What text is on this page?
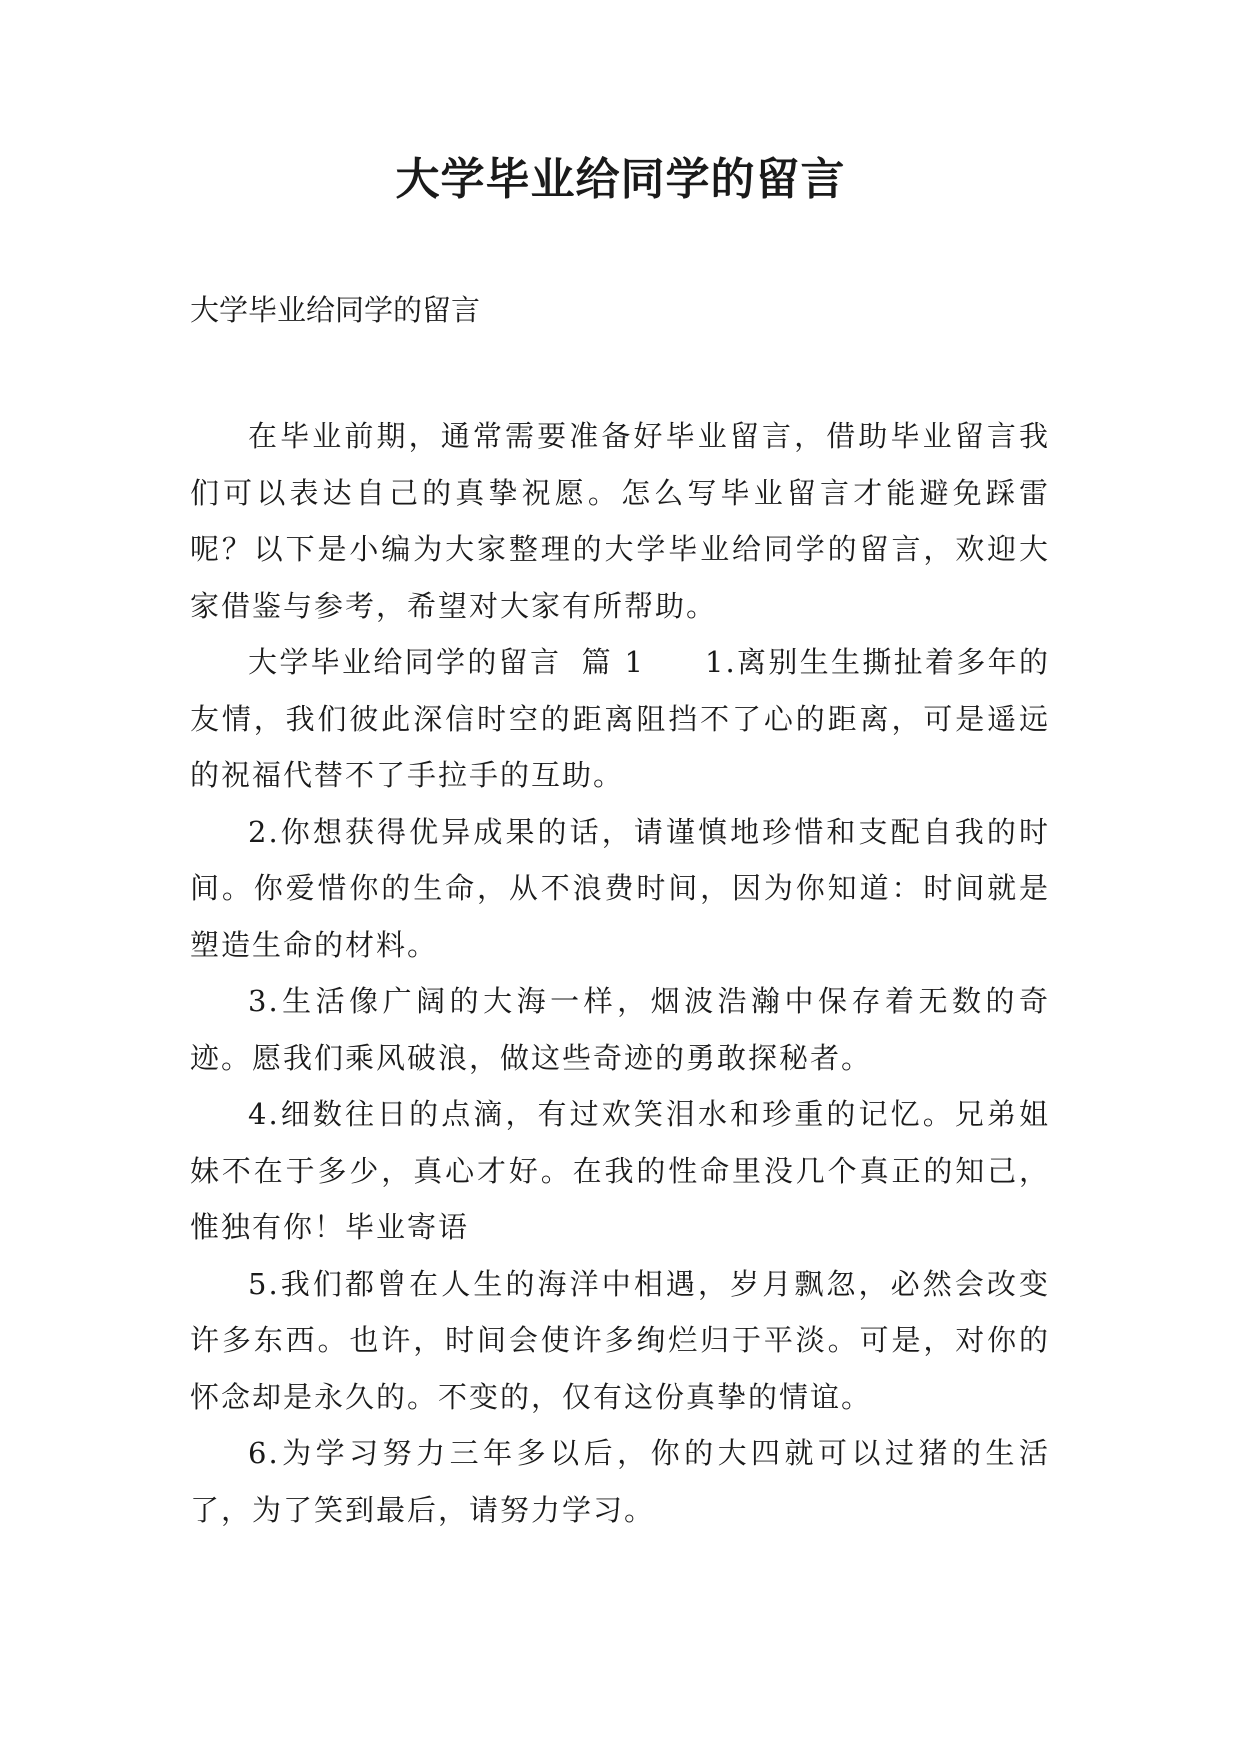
大学毕业给同学的留言

大学毕业给同学的留言

在毕业前期，通常需要准备好毕业留言，借助毕业留言我们可以表达自己的真挚祝愿。怎么写毕业留言才能避免踩雷呢？以下是小编为大家整理的大学毕业给同学的留言，欢迎大家借鉴与参考，希望对大家有所帮助。

大学毕业给同学的留言 篇 1 1.离别生生撕扯着多年的友情，我们彼此深信时空的距离阻挡不了心的距离，可是遥远的祝福代替不了手拉手的互助。

2.你想获得优异成果的话，请谨慎地珍惜和支配自我的时间。你爱惜你的生命，从不浪费时间，因为你知道：时间就是塑造生命的材料。

3.生活像广阔的大海一样，烟波浩瀚中保存着无数的奇迹。愿我们乘风破浪，做这些奇迹的勇敢探秘者。

4.细数往日的点滴，有过欢笑泪水和珍重的记忆。兄弟姐妹不在于多少，真心才好。在我的性命里没几个真正的知己，惟独有你！毕业寄语

5.我们都曾在人生的海洋中相遇，岁月飘忽，必然会改变许多东西。也许，时间会使许多绚烂归于平淡。可是，对你的怀念却是永久的。不变的，仅有这份真挚的情谊。

6.为学习努力三年多以后，你的大四就可以过猪的生活了，为了笑到最后，请努力学习。
